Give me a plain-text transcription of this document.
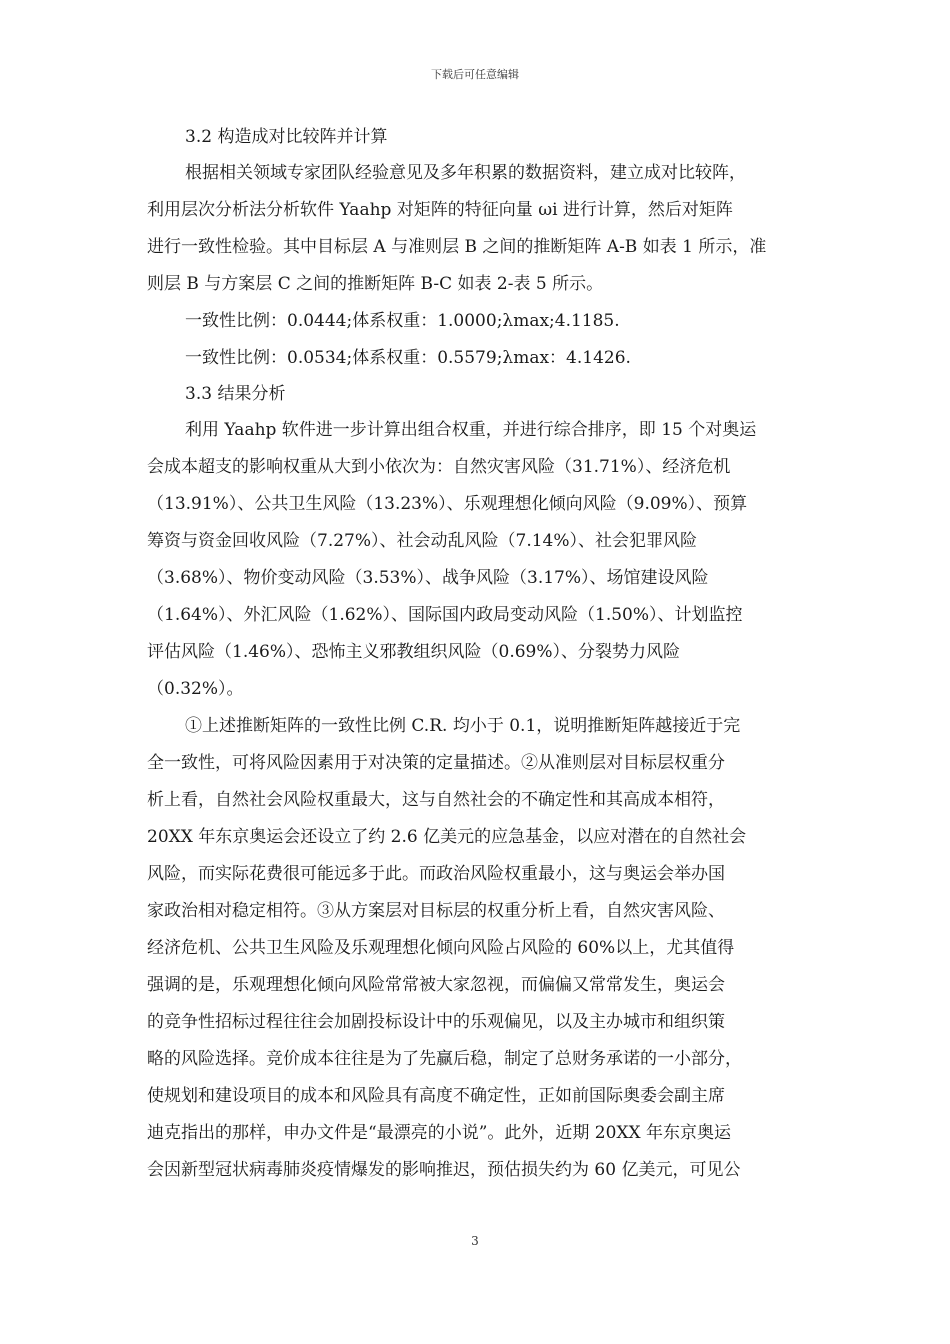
下载后可任意编辑
3.2 构造成对比较阵并计算
根据相关领域专家团队经验意见及多年积累的数据资料，建立成对比较阵，
利用层次分析法分析软件 Yaahp 对矩阵的特征向量 ωi 进行计算，然后对矩阵
进行一致性检验。其中目标层 A 与准则层 B 之间的推断矩阵 A-B 如表 1 所示，准
则层 B 与方案层 C 之间的推断矩阵 B-C 如表 2-表 5 所示。
一致性比例：0.0444;体系权重：1.0000;λmax;4.1185.
一致性比例：0.0534;体系权重：0.5579;λmax：4.1426.
3.3 结果分析
利用 Yaahp 软件进一步计算出组合权重，并进行综合排序，即 15 个对奥运
会成本超支的影响权重从大到小依次为：自然灾害风险（31.71%）、经济危机
（13.91%）、公共卫生风险（13.23%）、乐观理想化倾向风险（9.09%）、预算
筹资与资金回收风险（7.27%）、社会动乱风险（7.14%）、社会犯罪风险
（3.68%）、物价变动风险（3.53%）、战争风险（3.17%）、场馆建设风险
（1.64%）、外汇风险（1.62%）、国际国内政局变动风险（1.50%）、计划监控
评估风险（1.46%）、恐怖主义邪教组织风险（0.69%）、分裂势力风险
（0.32%）。
①上述推断矩阵的一致性比例 C.R. 均小于 0.1，说明推断矩阵越接近于完
全一致性，可将风险因素用于对决策的定量描述。②从准则层对目标层权重分
析上看，自然社会风险权重最大，这与自然社会的不确定性和其高成本相符，
20XX 年东京奥运会还设立了约 2.6 亿美元的应急基金，以应对潜在的自然社会
风险，而实际花费很可能远多于此。而政治风险权重最小，这与奥运会举办国
家政治相对稳定相符。③从方案层对目标层的权重分析上看，自然灾害风险、
经济危机、公共卫生风险及乐观理想化倾向风险占风险的 60%以上，尤其值得
强调的是，乐观理想化倾向风险常常被大家忽视，而偏偏又常常发生，奥运会
的竞争性招标过程往往会加剧投标设计中的乐观偏见，以及主办城市和组织策
略的风险选择。竞价成本往往是为了先赢后稳，制定了总财务承诺的一小部分，
使规划和建设项目的成本和风险具有高度不确定性，正如前国际奥委会副主席
迪克指出的那样，申办文件是“最漂亮的小说”。此外，近期 20XX 年东京奥运
会因新型冠状病毒肺炎疫情爆发的影响推迟，预估损失约为 60 亿美元，可见公
3
